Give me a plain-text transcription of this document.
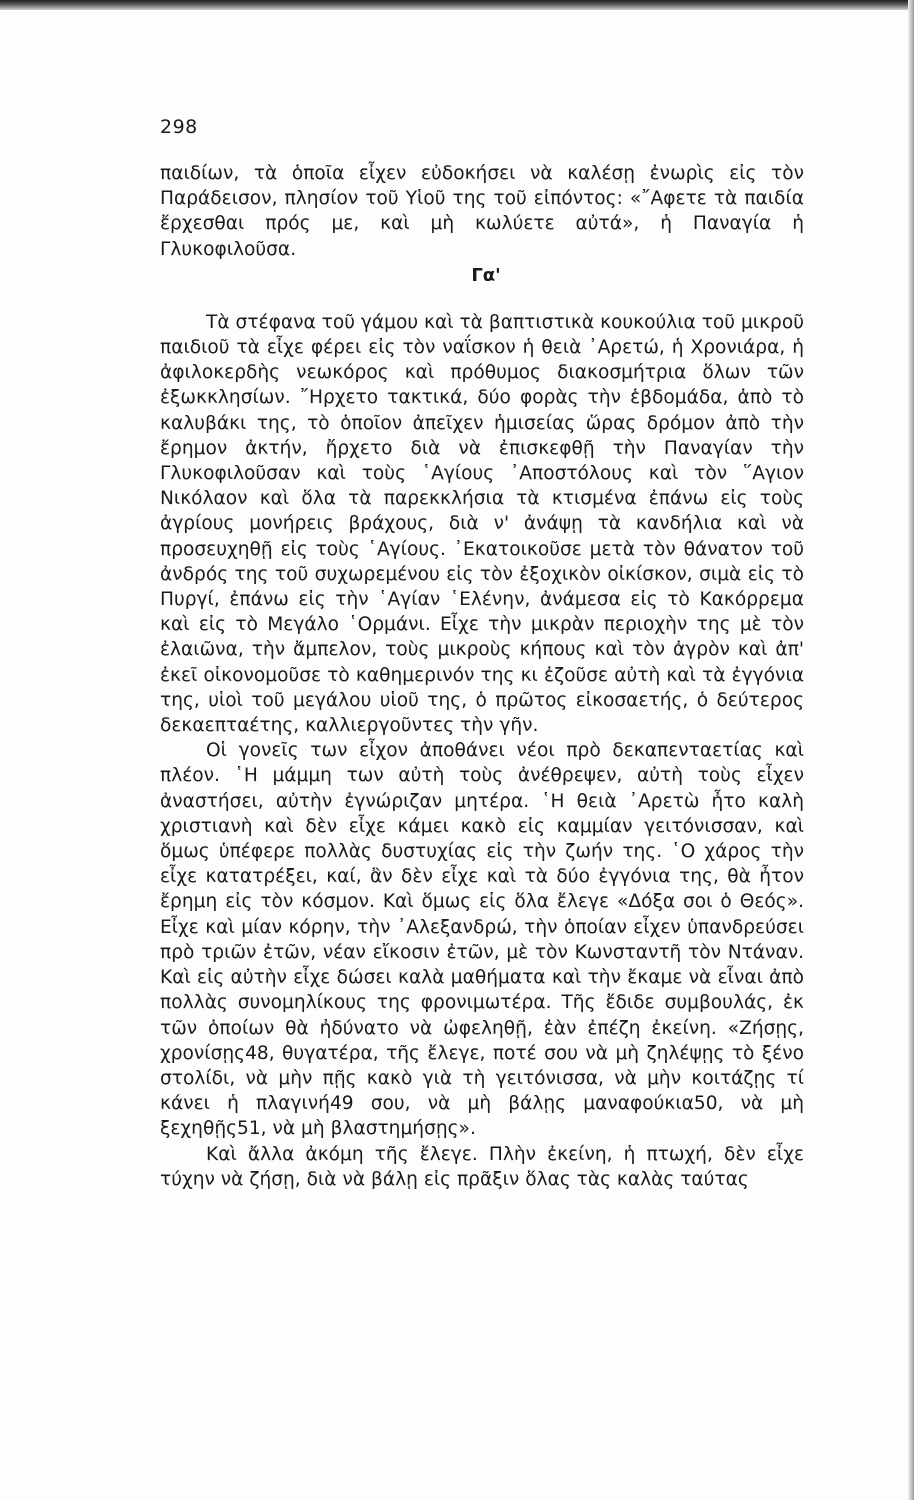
298

παιδίων, τὰ ὁποῖα εἶχεν εὐδοκήσει νὰ καλέσῃ ἐνωρὶς εἰς τὸν Παράδεισον, πλησίον τοῦ Υἱοῦ της τοῦ εἰπόντος: «῎Αφετε τὰ παιδία ἔρχεσθαι πρός με, καὶ μὴ κωλύετε αὐτά», ἡ Παναγία ἡ Γλυκοφιλοῦσα.

Γα'

Τὰ στέφανα τοῦ γάμου καὶ τὰ βαπτιστικὰ κουκούλια τοῦ μικροῦ παιδιοῦ τὰ εἶχε φέρει εἰς τὸν ναΐσκον ἡ θειὰ ᾿Αρετώ, ἡ Χρονιάρα, ἡ ἀφιλοκερδὴς νεωκόρος καὶ πρόθυμος διακοσμήτρια ὅλων τῶν ἐξωκκλησίων. ῎Ηρχετο τακτικά, δύο φορὰς τὴν ἑβδομάδα, ἀπὸ τὸ καλυβάκι της, τὸ ὁποῖον ἀπεῖχεν ἡμισείας ὥρας δρόμον ἀπὸ τὴν ἔρημον ἀκτήν, ἤρχετο διὰ νὰ ἐπισκεφθῇ τὴν Παναγίαν τὴν Γλυκοφιλοῦσαν καὶ τοὺς ῾Αγίους ᾿Αποστόλους καὶ τὸν ῞Αγιον Νικόλαον καὶ ὅλα τὰ παρεκκλήσια τὰ κτισμένα ἐπάνω εἰς τοὺς ἀγρίους μονήρεις βράχους, διὰ ν' ἀνάψῃ τὰ κανδήλια καὶ νὰ προσευχηθῇ εἰς τοὺς ῾Αγίους. ᾿Εκατοικοῦσε μετὰ τὸν θάνατον τοῦ ἀνδρός της τοῦ συχωρεμένου εἰς τὸν ἐξοχικὸν οἰκίσκον, σιμὰ εἰς τὸ Πυργί, ἐπάνω εἰς τὴν ῾Αγίαν ῾Ελένην, ἀνάμεσα εἰς τὸ Κακόρρεμα καὶ εἰς τὸ Μεγάλο ῾Ορμάνι. Εἶχε τὴν μικρὰν περιοχὴν της μὲ τὸν ἐλαιῶνα, τὴν ἄμπελον, τοὺς μικροὺς κήπους καὶ τὸν ἀγρὸν καὶ ἀπ' ἐκεῖ οἰκονομοῦσε τὸ καθημερινόν της κι ἐζοῦσε αὐτὴ καὶ τὰ ἐγγόνια της, υἱοὶ τοῦ μεγάλου υἱοῦ της, ὁ πρῶτος εἰκοσαετής, ὁ δεύτερος δεκαεπταέτης, καλλιεργοῦντες τὴν γῆν.

Οἱ γονεῖς των εἶχον ἀποθάνει νέοι πρὸ δεκαπενταετίας καὶ πλέον. ῾Η μάμμη των αὐτὴ τοὺς ἀνέθρεψεν, αὐτὴ τοὺς εἶχεν ἀναστήσει, αὐτὴν ἐγνώριζαν μητέρα. ῾Η θειὰ ᾿Αρετὼ ἦτο καλὴ χριστιανὴ καὶ δὲν εἶχε κάμει κακὸ εἰς καμμίαν γειτόνισσαν, καὶ ὅμως ὑπέφερε πολλὰς δυστυχίας εἰς τὴν ζωήν της. ῾Ο χάρος τὴν εἶχε κατατρέξει, καί, ἂν δὲν εἶχε καὶ τὰ δύο ἐγγόνια της, θὰ ἦτον ἔρημη εἰς τὸν κόσμον. Καὶ ὅμως εἰς ὅλα ἔλεγε «Δόξα σοι ὁ Θεός». Εἶχε καὶ μίαν κόρην, τὴν ᾿Αλεξανδρώ, τὴν ὁποίαν εἶχεν ὑπανδρεύσει πρὸ τριῶν ἐτῶν, νέαν εἴκοσιν ἐτῶν, μὲ τὸν Κωνσταντῆ τὸν Ντάναν. Καὶ εἰς αὐτὴν εἶχε δώσει καλὰ μαθήματα καὶ τὴν ἔκαμε νὰ εἶναι ἀπὸ πολλὰς συνομηλίκους της φρονιμωτέρα. Τῆς ἔδιδε συμβουλάς, ἐκ τῶν ὁποίων θὰ ἠδύνατο νὰ ὠφεληθῇ, ἐὰν ἐπέζη ἐκείνη. «Ζήσῃς, χρονίσῃς48, θυγατέρα, τῆς ἔλεγε, ποτέ σου νὰ μὴ ζηλέψῃς τὸ ξένο στολίδι, νὰ μὴν πῇς κακὸ γιὰ τὴ γειτόνισσα, νὰ μὴν κοιτάζῃς τί κάνει ἡ πλαγινή49 σου, νὰ μὴ βάλῃς μαναφούκια50, νὰ μὴ ξεχηθῇς51, νὰ μὴ βλαστημήσῃς».

Καὶ ἄλλα ἀκόμη τῆς ἔλεγε. Πλὴν ἐκείνη, ἡ πτωχή, δὲν εἶχε τύχην νὰ ζήσῃ, διὰ νὰ βάλῃ εἰς πρᾶξιν ὅλας τὰς καλὰς ταύτας
